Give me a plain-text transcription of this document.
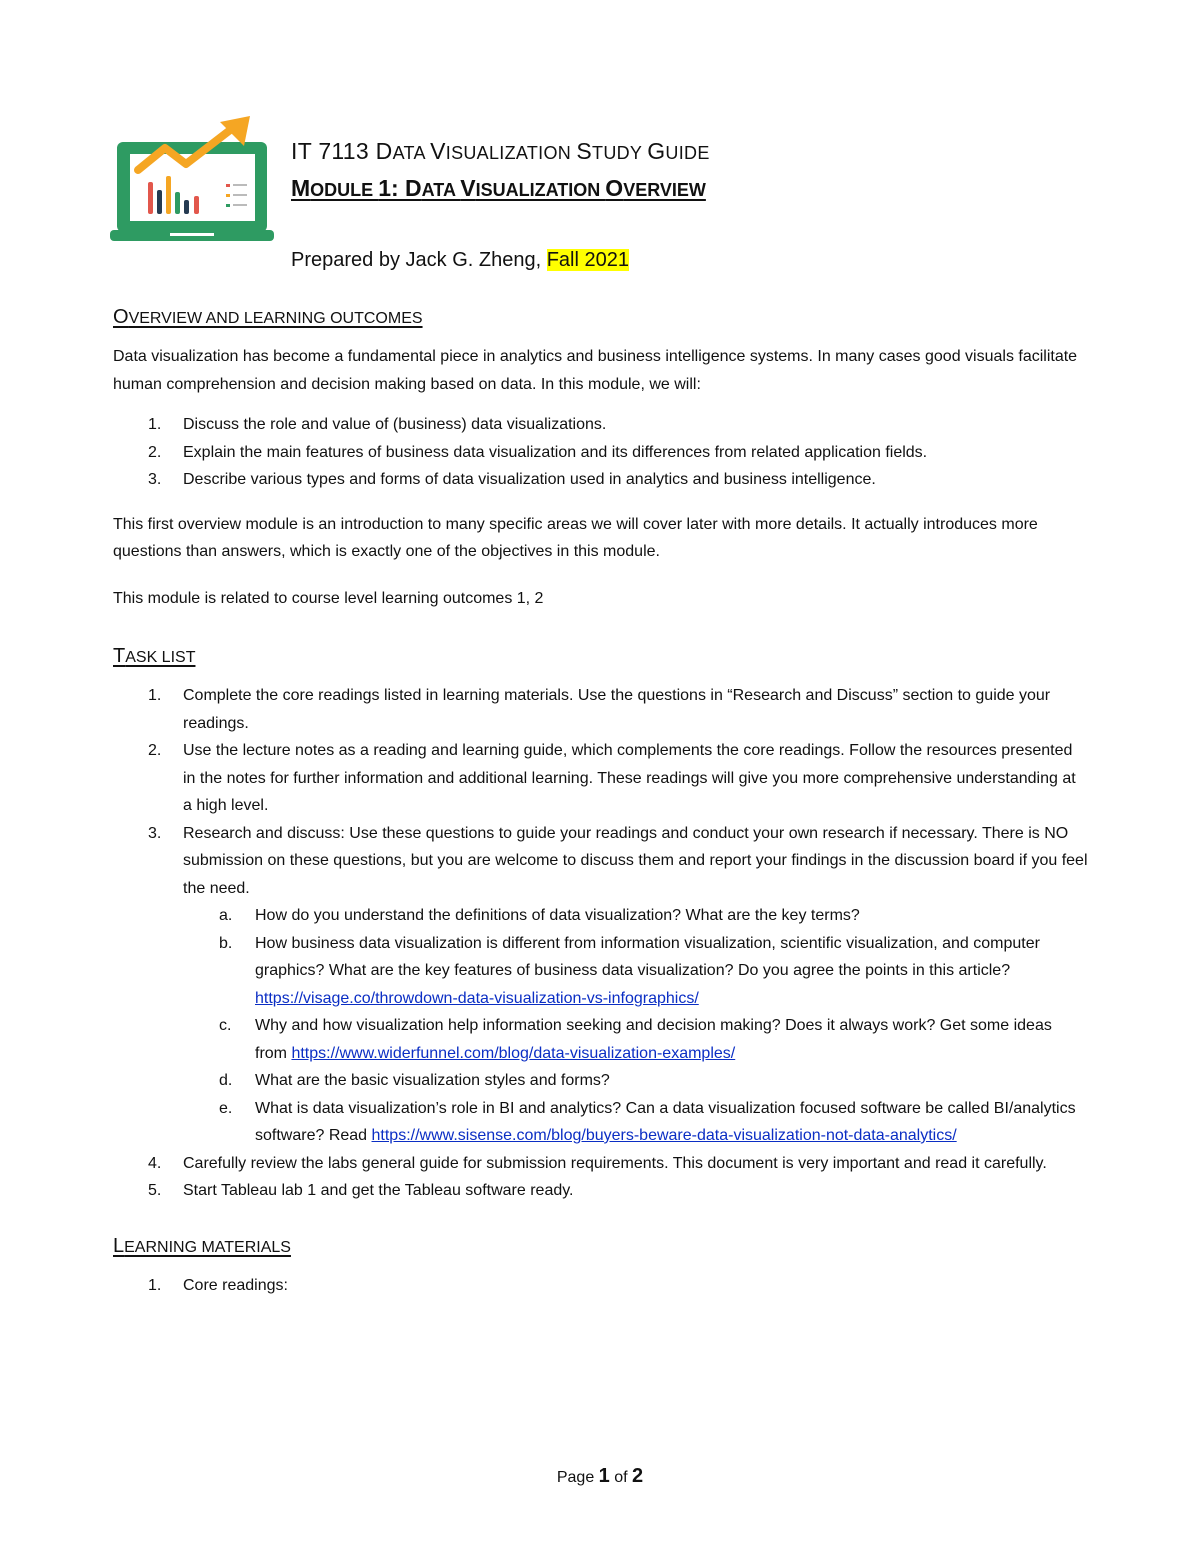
IT 7113 DATA VISUALIZATION STUDY GUIDE
MODULE 1: DATA VISUALIZATION OVERVIEW
Prepared by Jack G. Zheng, Fall 2021
OVERVIEW AND LEARNING OUTCOMES

Data visualization has become a fundamental piece in analytics and business intelligence systems. In many cases good visuals facilitate human comprehension and decision making based on data. In this module, we will:

1. Discuss the role and value of (business) data visualizations.
2. Explain the main features of business data visualization and its differences from related application fields.
3. Describe various types and forms of data visualization used in analytics and business intelligence.

This first overview module is an introduction to many specific areas we will cover later with more details. It actually introduces more questions than answers, which is exactly one of the objectives in this module.

This module is related to course level learning outcomes 1, 2

TASK LIST
1. Complete the core readings listed in learning materials. Use the questions in “Research and Discuss” section to guide your readings.
2. Use the lecture notes as a reading and learning guide, which complements the core readings. Follow the resources presented in the notes for further information and additional learning. These readings will give you more comprehensive understanding at a high level.
3. Research and discuss: Use these questions to guide your readings and conduct your own research if necessary. There is NO submission on these questions, but you are welcome to discuss them and report your findings in the discussion board if you feel the need.
a. How do you understand the definitions of data visualization? What are the key terms?
b. How business data visualization is different from information visualization, scientific visualization, and computer graphics? What are the key features of business data visualization? Do you agree the points in this article? https://visage.co/throwdown-data-visualization-vs-infographics/
c. Why and how visualization help information seeking and decision making? Does it always work? Get some ideas from https://www.widerfunnel.com/blog/data-visualization-examples/
d. What are the basic visualization styles and forms?
e. What is data visualization’s role in BI and analytics? Can a data visualization focused software be called BI/analytics software? Read https://www.sisense.com/blog/buyers-beware-data-visualization-not-data-analytics/
4. Carefully review the labs general guide for submission requirements. This document is very important and read it carefully.
5. Start Tableau lab 1 and get the Tableau software ready.
LEARNING MATERIALS
1. Core readings:
Page 1 of 2
